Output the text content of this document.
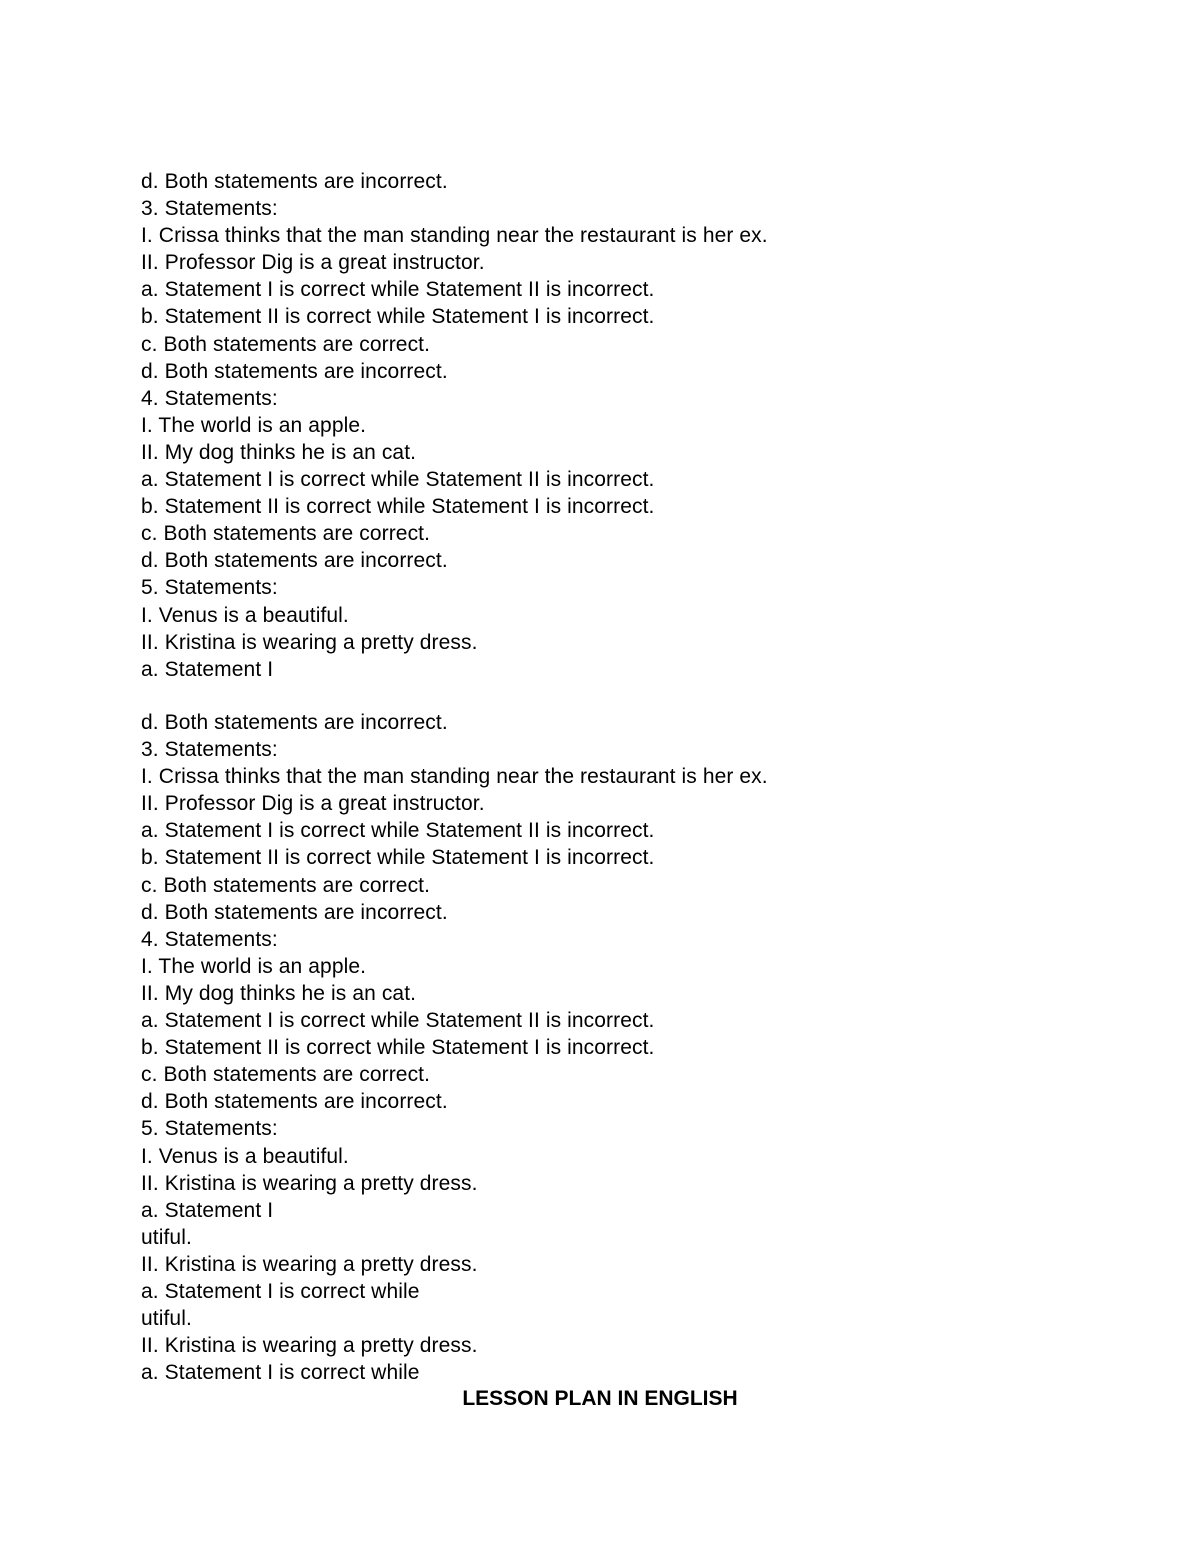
d. Both statements are incorrect.
3. Statements:
I. Crissa thinks that the man standing near the restaurant is her ex.
II. Professor Dig is a great instructor.
a. Statement I is correct while Statement II is incorrect.
b. Statement II is correct while Statement I is incorrect.
c. Both statements are correct.
d. Both statements are incorrect.
4. Statements:
I. The world is an apple.
II. My dog thinks he is an cat.
a. Statement I is correct while Statement II is incorrect.
b. Statement II is correct while Statement I is incorrect.
c. Both statements are correct.
d. Both statements are incorrect.
5. Statements:
I. Venus is a beautiful.
II. Kristina is wearing a pretty dress.
a. Statement I
d. Both statements are incorrect.
3. Statements:
I. Crissa thinks that the man standing near the restaurant is her ex.
II. Professor Dig is a great instructor.
a. Statement I is correct while Statement II is incorrect.
b. Statement II is correct while Statement I is incorrect.
c. Both statements are correct.
d. Both statements are incorrect.
4. Statements:
I. The world is an apple.
II. My dog thinks he is an cat.
a. Statement I is correct while Statement II is incorrect.
b. Statement II is correct while Statement I is incorrect.
c. Both statements are correct.
d. Both statements are incorrect.
5. Statements:
I. Venus is a beautiful.
II. Kristina is wearing a pretty dress.
a. Statement I
utiful.
II. Kristina is wearing a pretty dress.
a. Statement I is correct while
utiful.
II. Kristina is wearing a pretty dress.
a. Statement I is correct while
LESSON PLAN IN ENGLISH
